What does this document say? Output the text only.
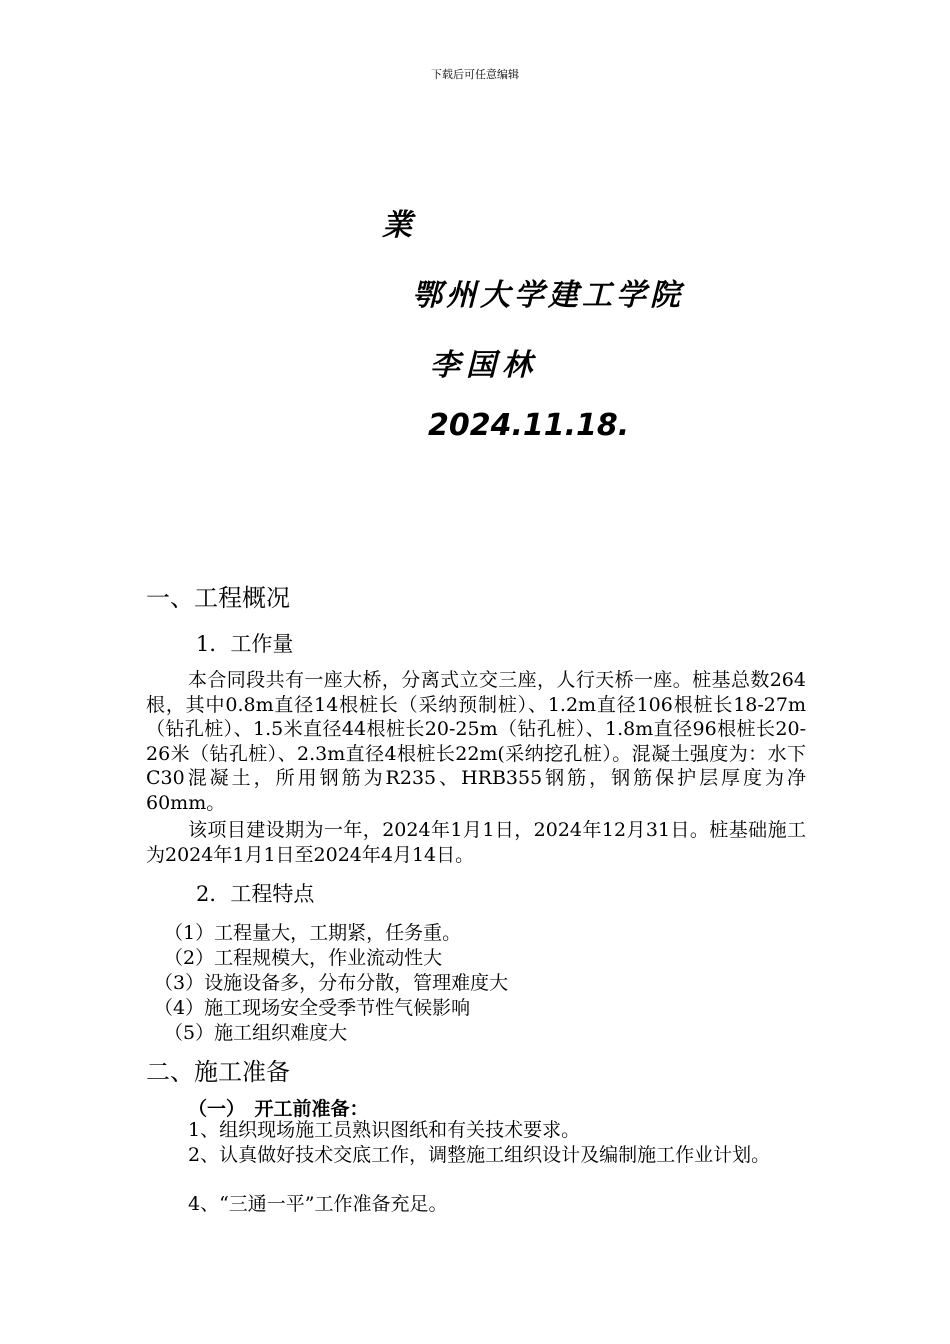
下载后可任意编辑
業
鄂州大学建工学院
李国林
2024.11.18.
一、工程概况
1．工作量

本合同段共有一座大桥，分离式立交三座，人行天桥一座。桩基总数264根，其中0.8m直径14根桩长（采纳预制桩）、1.2m直径106根桩长18-27m（钻孔桩）、1.5米直径44根桩长20-25m（钻孔桩）、1.8m直径96根桩长20-26米（钻孔桩）、2.3m直径4根桩长22m(采纳挖孔桩）。混凝土强度为：水下C30混凝土，所用钢筋为R235、HRB355钢筋，钢筋保护层厚度为净60mm。

该项目建设期为一年，2024年1月1日，2024年12月31日。桩基础施工为2024年1月1日至2024年4月14日。

2．工程特点
（1）工程量大，工期紧，任务重。
（2）工程规模大，作业流动性大
（3）设施设备多，分布分散，管理难度大
（4）施工现场安全受季节性气候影响
（5）施工组织难度大
二、施工准备
（一）　开工前准备：

1、组织现场施工员熟识图纸和有关技术要求。

2、认真做好技术交底工作，调整施工组织设计及编制施工作业计划。

4、“三通一平”工作准备充足。
